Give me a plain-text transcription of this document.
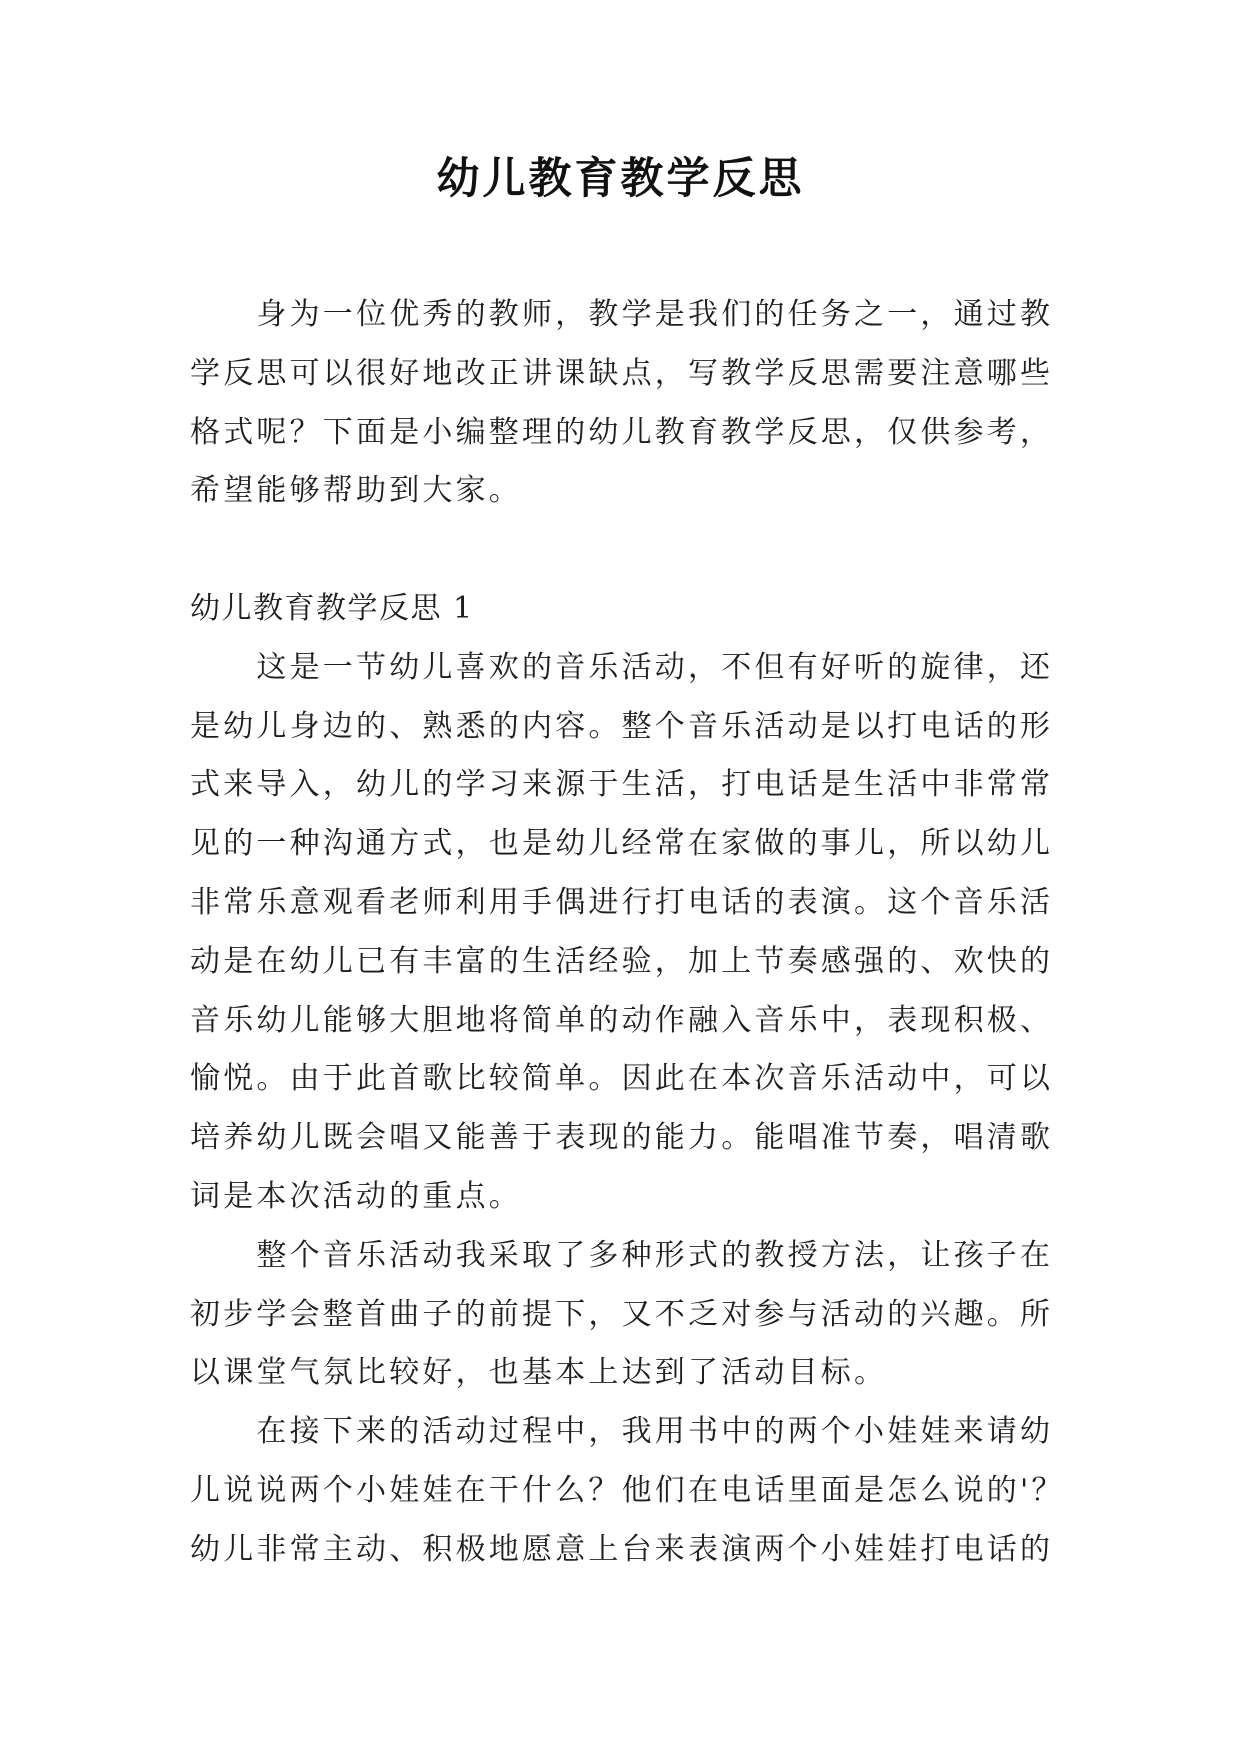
幼儿教育教学反思
身为一位优秀的教师，教学是我们的任务之一，通过教
学反思可以很好地改正讲课缺点，写教学反思需要注意哪些
格式呢？下面是小编整理的幼儿教育教学反思，仅供参考，
希望能够帮助到大家。
幼儿教育教学反思 1
这是一节幼儿喜欢的音乐活动，不但有好听的旋律，还
是幼儿身边的、熟悉的内容。整个音乐活动是以打电话的形
式来导入，幼儿的学习来源于生活，打电话是生活中非常常
见的一种沟通方式，也是幼儿经常在家做的事儿，所以幼儿
非常乐意观看老师利用手偶进行打电话的表演。这个音乐活
动是在幼儿已有丰富的生活经验，加上节奏感强的、欢快的
音乐幼儿能够大胆地将简单的动作融入音乐中，表现积极、
愉悦。由于此首歌比较简单。因此在本次音乐活动中，可以
培养幼儿既会唱又能善于表现的能力。能唱准节奏，唱清歌
词是本次活动的重点。
整个音乐活动我采取了多种形式的教授方法，让孩子在
初步学会整首曲子的前提下，又不乏对参与活动的兴趣。所
以课堂气氛比较好，也基本上达到了活动目标。
在接下来的活动过程中，我用书中的两个小娃娃来请幼
儿说说两个小娃娃在干什么？他们在电话里面是怎么说的'？
幼儿非常主动、积极地愿意上台来表演两个小娃娃打电话的
